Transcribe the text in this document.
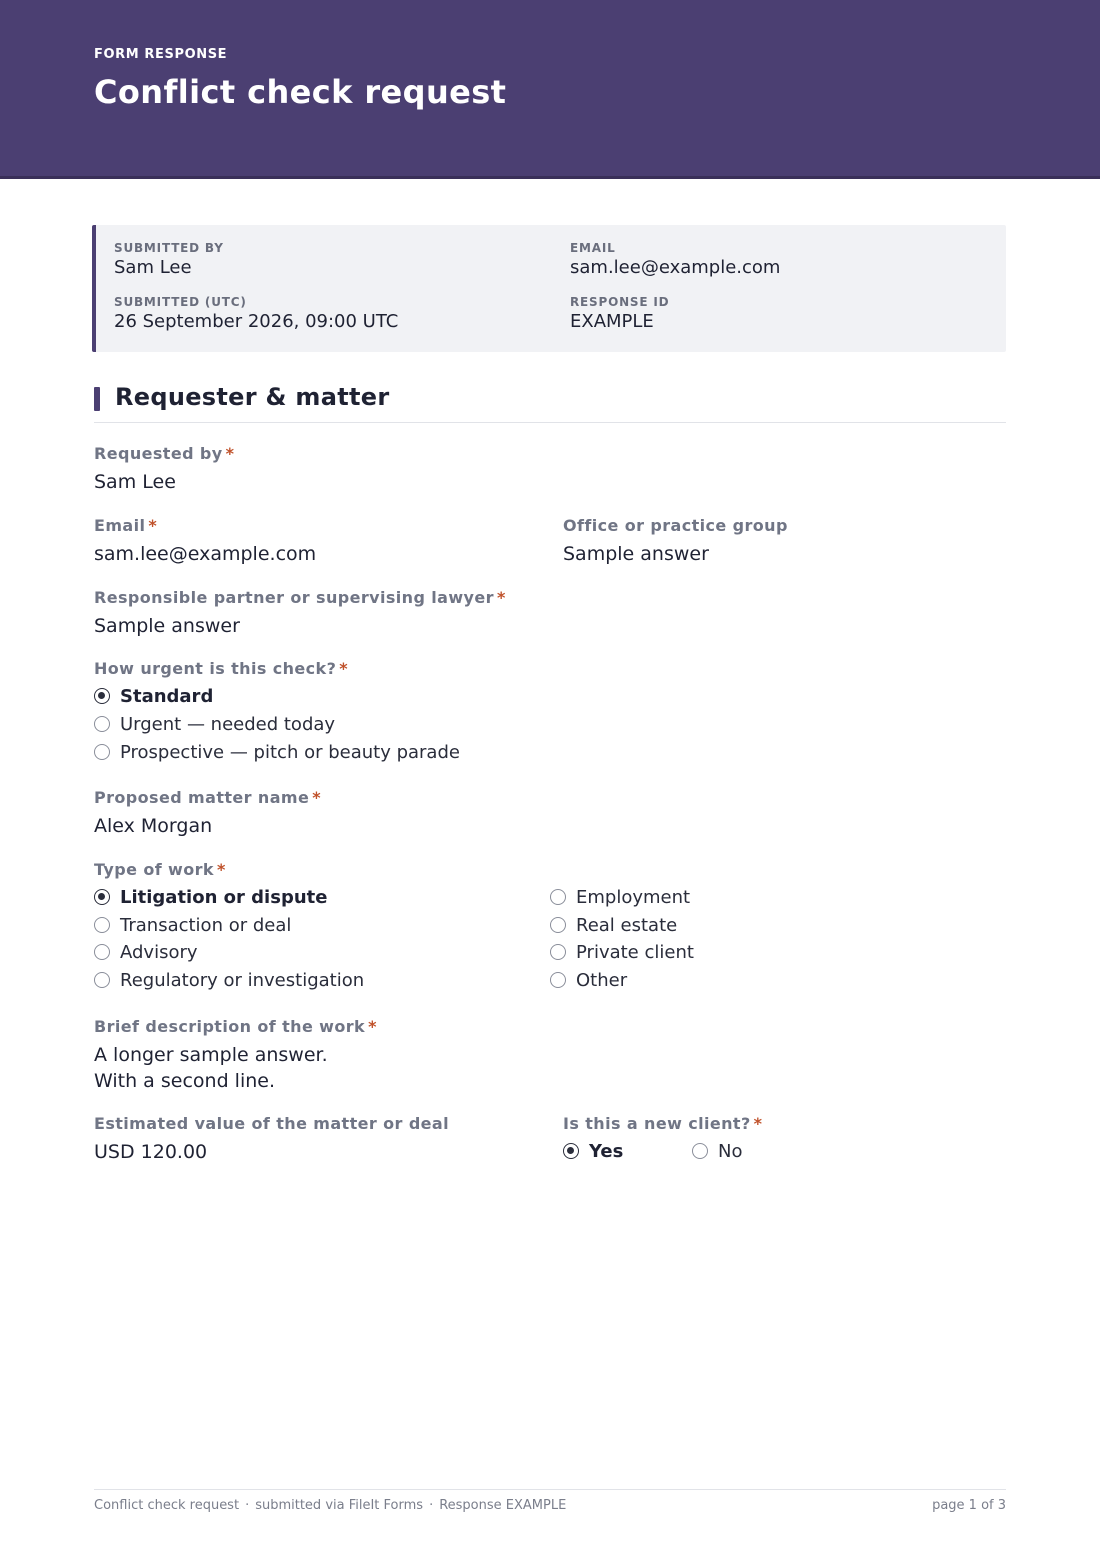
FORM RESPONSE
Conflict check request
SUBMITTED BY
Sam Lee
EMAIL
sam.lee@example.com
SUBMITTED (UTC)
26 September 2026, 09:00 UTC
RESPONSE ID
EXAMPLE
Requester & matter
Requested by *
Sam Lee
Email *
sam.lee@example.com
Office or practice group
Sample answer
Responsible partner or supervising lawyer *
Sample answer
How urgent is this check? *
Standard
Urgent — needed today
Prospective — pitch or beauty parade
Proposed matter name *
Alex Morgan
Type of work *
Litigation or dispute
Transaction or deal
Advisory
Regulatory or investigation
Employment
Real estate
Private client
Other
Brief description of the work *
A longer sample answer.
With a second line.
Estimated value of the matter or deal
USD 120.00
Is this a new client? *
Yes	No
Conflict check request · submitted via FileIt Forms · Response EXAMPLE	page 1 of 3
